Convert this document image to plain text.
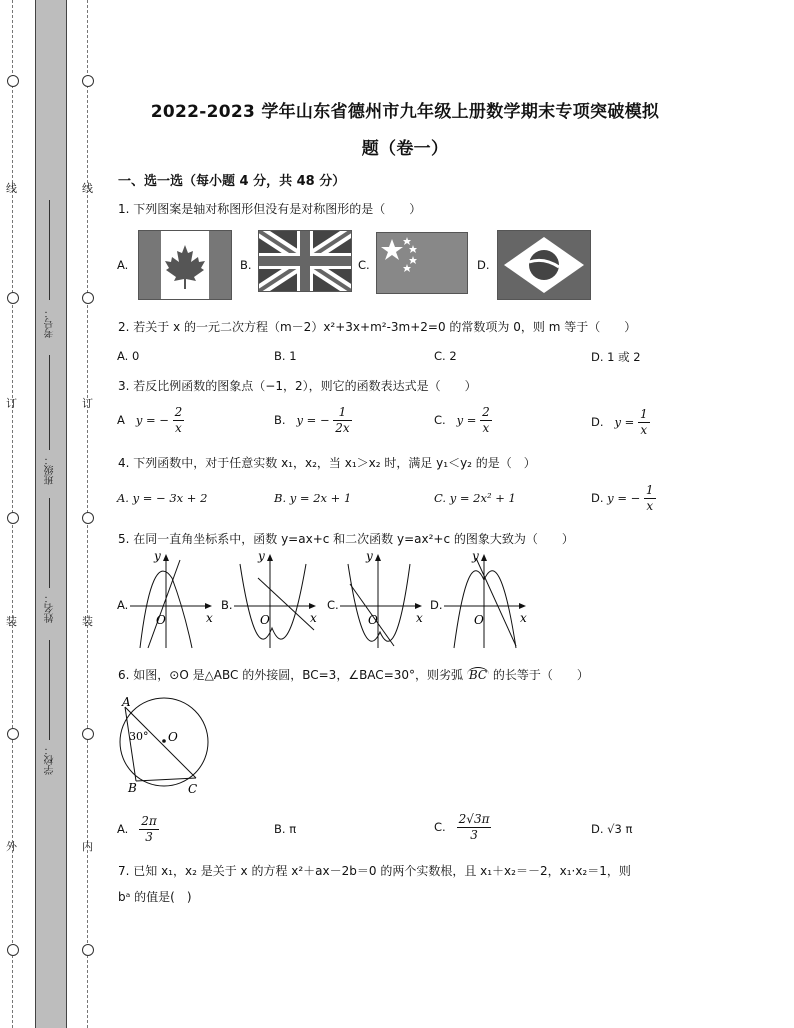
线
订
装
外
线
订
装
内
考号：
班级：
姓名：
学校：
2022-2023 学年山东省德州市九年级上册数学期末专项突破模拟
题（卷一）
一、选一选（每小题 4 分，共 48 分）
1. 下列图案是轴对称图形但没有是对称图形的是（　　）
A.	B.	C.	D.
2. 若关于 x 的一元二次方程（m－2）x²+3x+m²-3m+2=0 的常数项为 0，则 m 等于（　　）
A. 0	B. 1	C. 2	D. 1 或 2
3. 若反比例函数的图象点（−1，2），则它的函数表达式是（　　）
A y = − $\frac{2}{x}$	B. y = − $\frac{1}{2x}$	C. $y = \frac{2}{x}$	D. $y = \frac{1}{x}$
4. 下列函数中，对于任意实数 x₁，x₂，当 x₁＞x₂ 时，满足 y₁＜y₂ 的是（　）
A. y = − 3x + 2	B. y = 2x + 1	C. y = 2x² + 1	D. y = − $\frac{1}{x}$
5. 在同一直角坐标系中，函数 y=ax+c 和二次函数 y=ax²+c 的图象大致为（　　）
A.
y
O	x
B.
y
O	x
C.
y
O	x
D.
y
O	x
6. 如图，⊙O 是△ABC 的外接圆，BC=3，∠BAC=30°，则劣弧 BC 的长等于（　　）
A
30° O
B	C
A. $\frac{2\pi}{3}$	B. π	C. $\frac{2√3\pi}{3}$	D. √3 π
7. 已知 x₁，x₂ 是关于 x 的方程 x²＋ax－2b＝0 的两个实数根，且 x₁＋x₂＝－2，x₁·x₂＝1，则
bᵃ 的值是(　)
